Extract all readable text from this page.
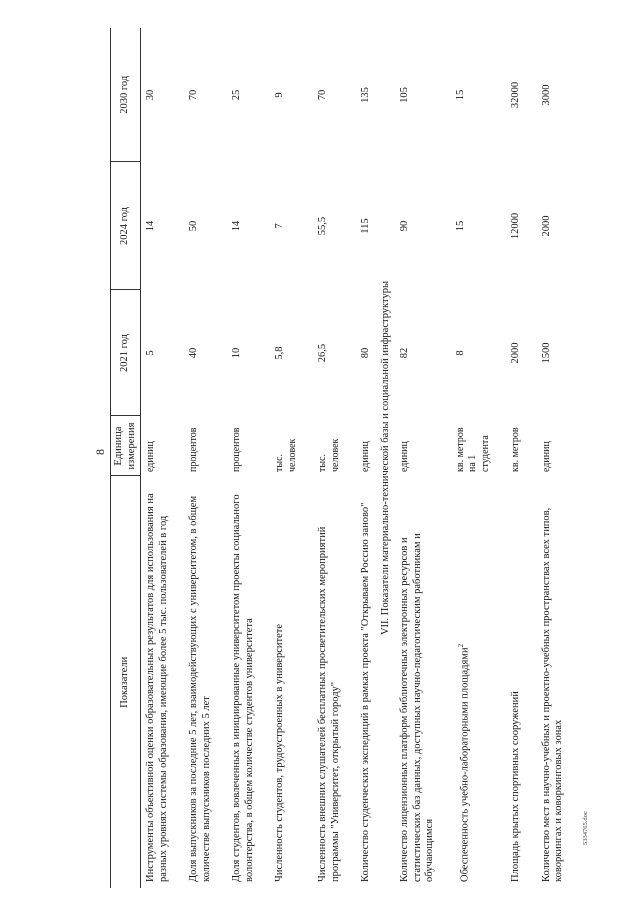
8
Показатели	Единица измерения	2021 год	2024 год	2030 год
Инструменты объективной оценки образовательных результатов для использования на разных уровнях системы образования, имеющие более 5 тыс. пользователей в год	единиц	5	14	30
Доля выпускников за последние 5 лет, взаимодействующих с университетом, в общем количестве выпускников последних 5 лет	процентов	40	50	70
Доля студентов, вовлеченных в инициированные университетом проекты социального волонтерства, в общем количестве студентов университета	процентов	10	14	25
Численность студентов, трудоустроенных в университете	тыс. человек	5,8	7	9
Численность внешних слушателей бесплатных просветительских мероприятий программы "Университет, открытый городу"	тыс. человек	26,5	55,5	70
Количество студенческих экспедиций в рамках проекта "Открываем Россию заново"	единиц	80	115	135
VII. Показатели материально-технической базы и социальной инфраструктуры				
Количество лицензионных платформ библиотечных электронных ресурсов и статистических баз данных, доступных научно-педагогическим работникам и обучающимся	единиц	82	90	105
Обеспеченность учебно-лабораторными площадями$^2$	кв. метров на 1 студента	8	15	15
Площадь крытых спортивных сооружений	кв. метров	2000	12000	32000
Количество мест в научно-учебных и проектно-учебных пространствах всех типов, коворкингах и коворкинговых зонах	единиц	1500	2000	3000
5334765.doc
